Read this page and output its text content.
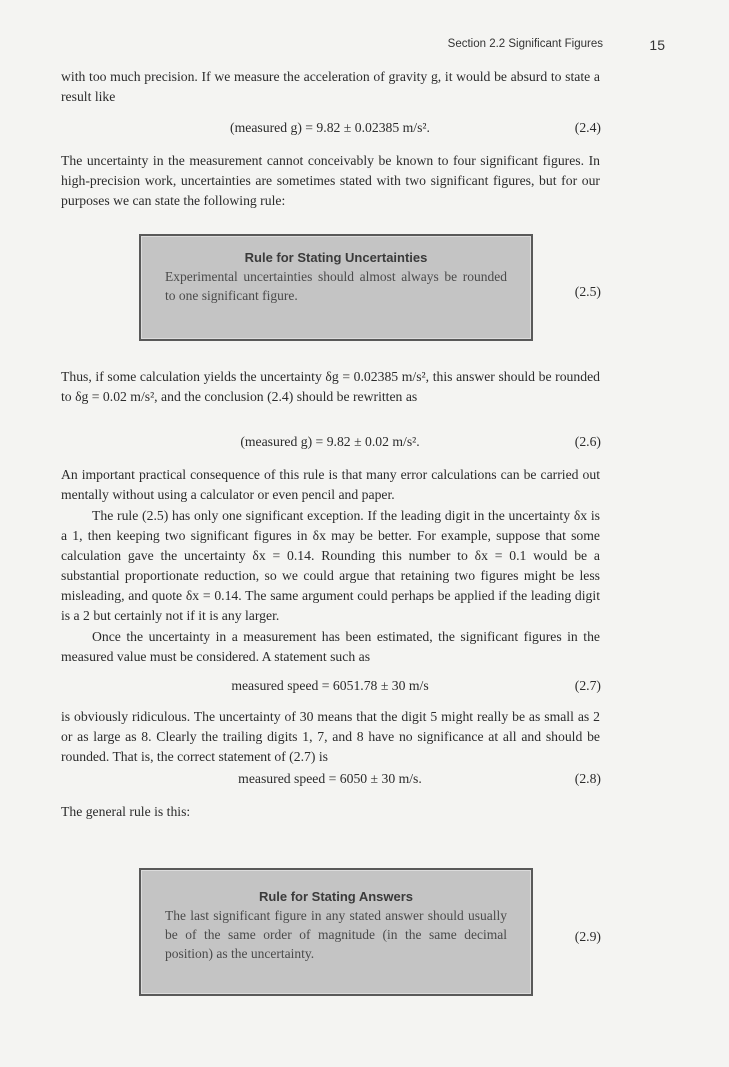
Section 2.2 Significant Figures	15
with too much precision. If we measure the acceleration of gravity g, it would be absurd to state a result like
(measured g) = 9.82 ± 0.02385 m/s².	(2.4)
The uncertainty in the measurement cannot conceivably be known to four significant figures. In high-precision work, uncertainties are sometimes stated with two significant figures, but for our purposes we can state the following rule:
Rule for Stating Uncertainties
Experimental uncertainties should almost always be rounded to one significant figure.	(2.5)
Thus, if some calculation yields the uncertainty δg = 0.02385 m/s², this answer should be rounded to δg = 0.02 m/s², and the conclusion (2.4) should be rewritten as
(measured g) = 9.82 ± 0.02 m/s².	(2.6)
An important practical consequence of this rule is that many error calculations can be carried out mentally without using a calculator or even pencil and paper.
The rule (2.5) has only one significant exception. If the leading digit in the uncertainty δx is a 1, then keeping two significant figures in δx may be better. For example, suppose that some calculation gave the uncertainty δx = 0.14. Rounding this number to δx = 0.1 would be a substantial proportionate reduction, so we could argue that retaining two figures might be less misleading, and quote δx = 0.14. The same argument could perhaps be applied if the leading digit is a 2 but certainly not if it is any larger.
Once the uncertainty in a measurement has been estimated, the significant figures in the measured value must be considered. A statement such as
measured speed = 6051.78 ± 30 m/s	(2.7)
is obviously ridiculous. The uncertainty of 30 means that the digit 5 might really be as small as 2 or as large as 8. Clearly the trailing digits 1, 7, and 8 have no significance at all and should be rounded. That is, the correct statement of (2.7) is
measured speed = 6050 ± 30 m/s.	(2.8)
The general rule is this:
Rule for Stating Answers
The last significant figure in any stated answer should usually be of the same order of magnitude (in the same decimal position) as the uncertainty.
(2.9)
